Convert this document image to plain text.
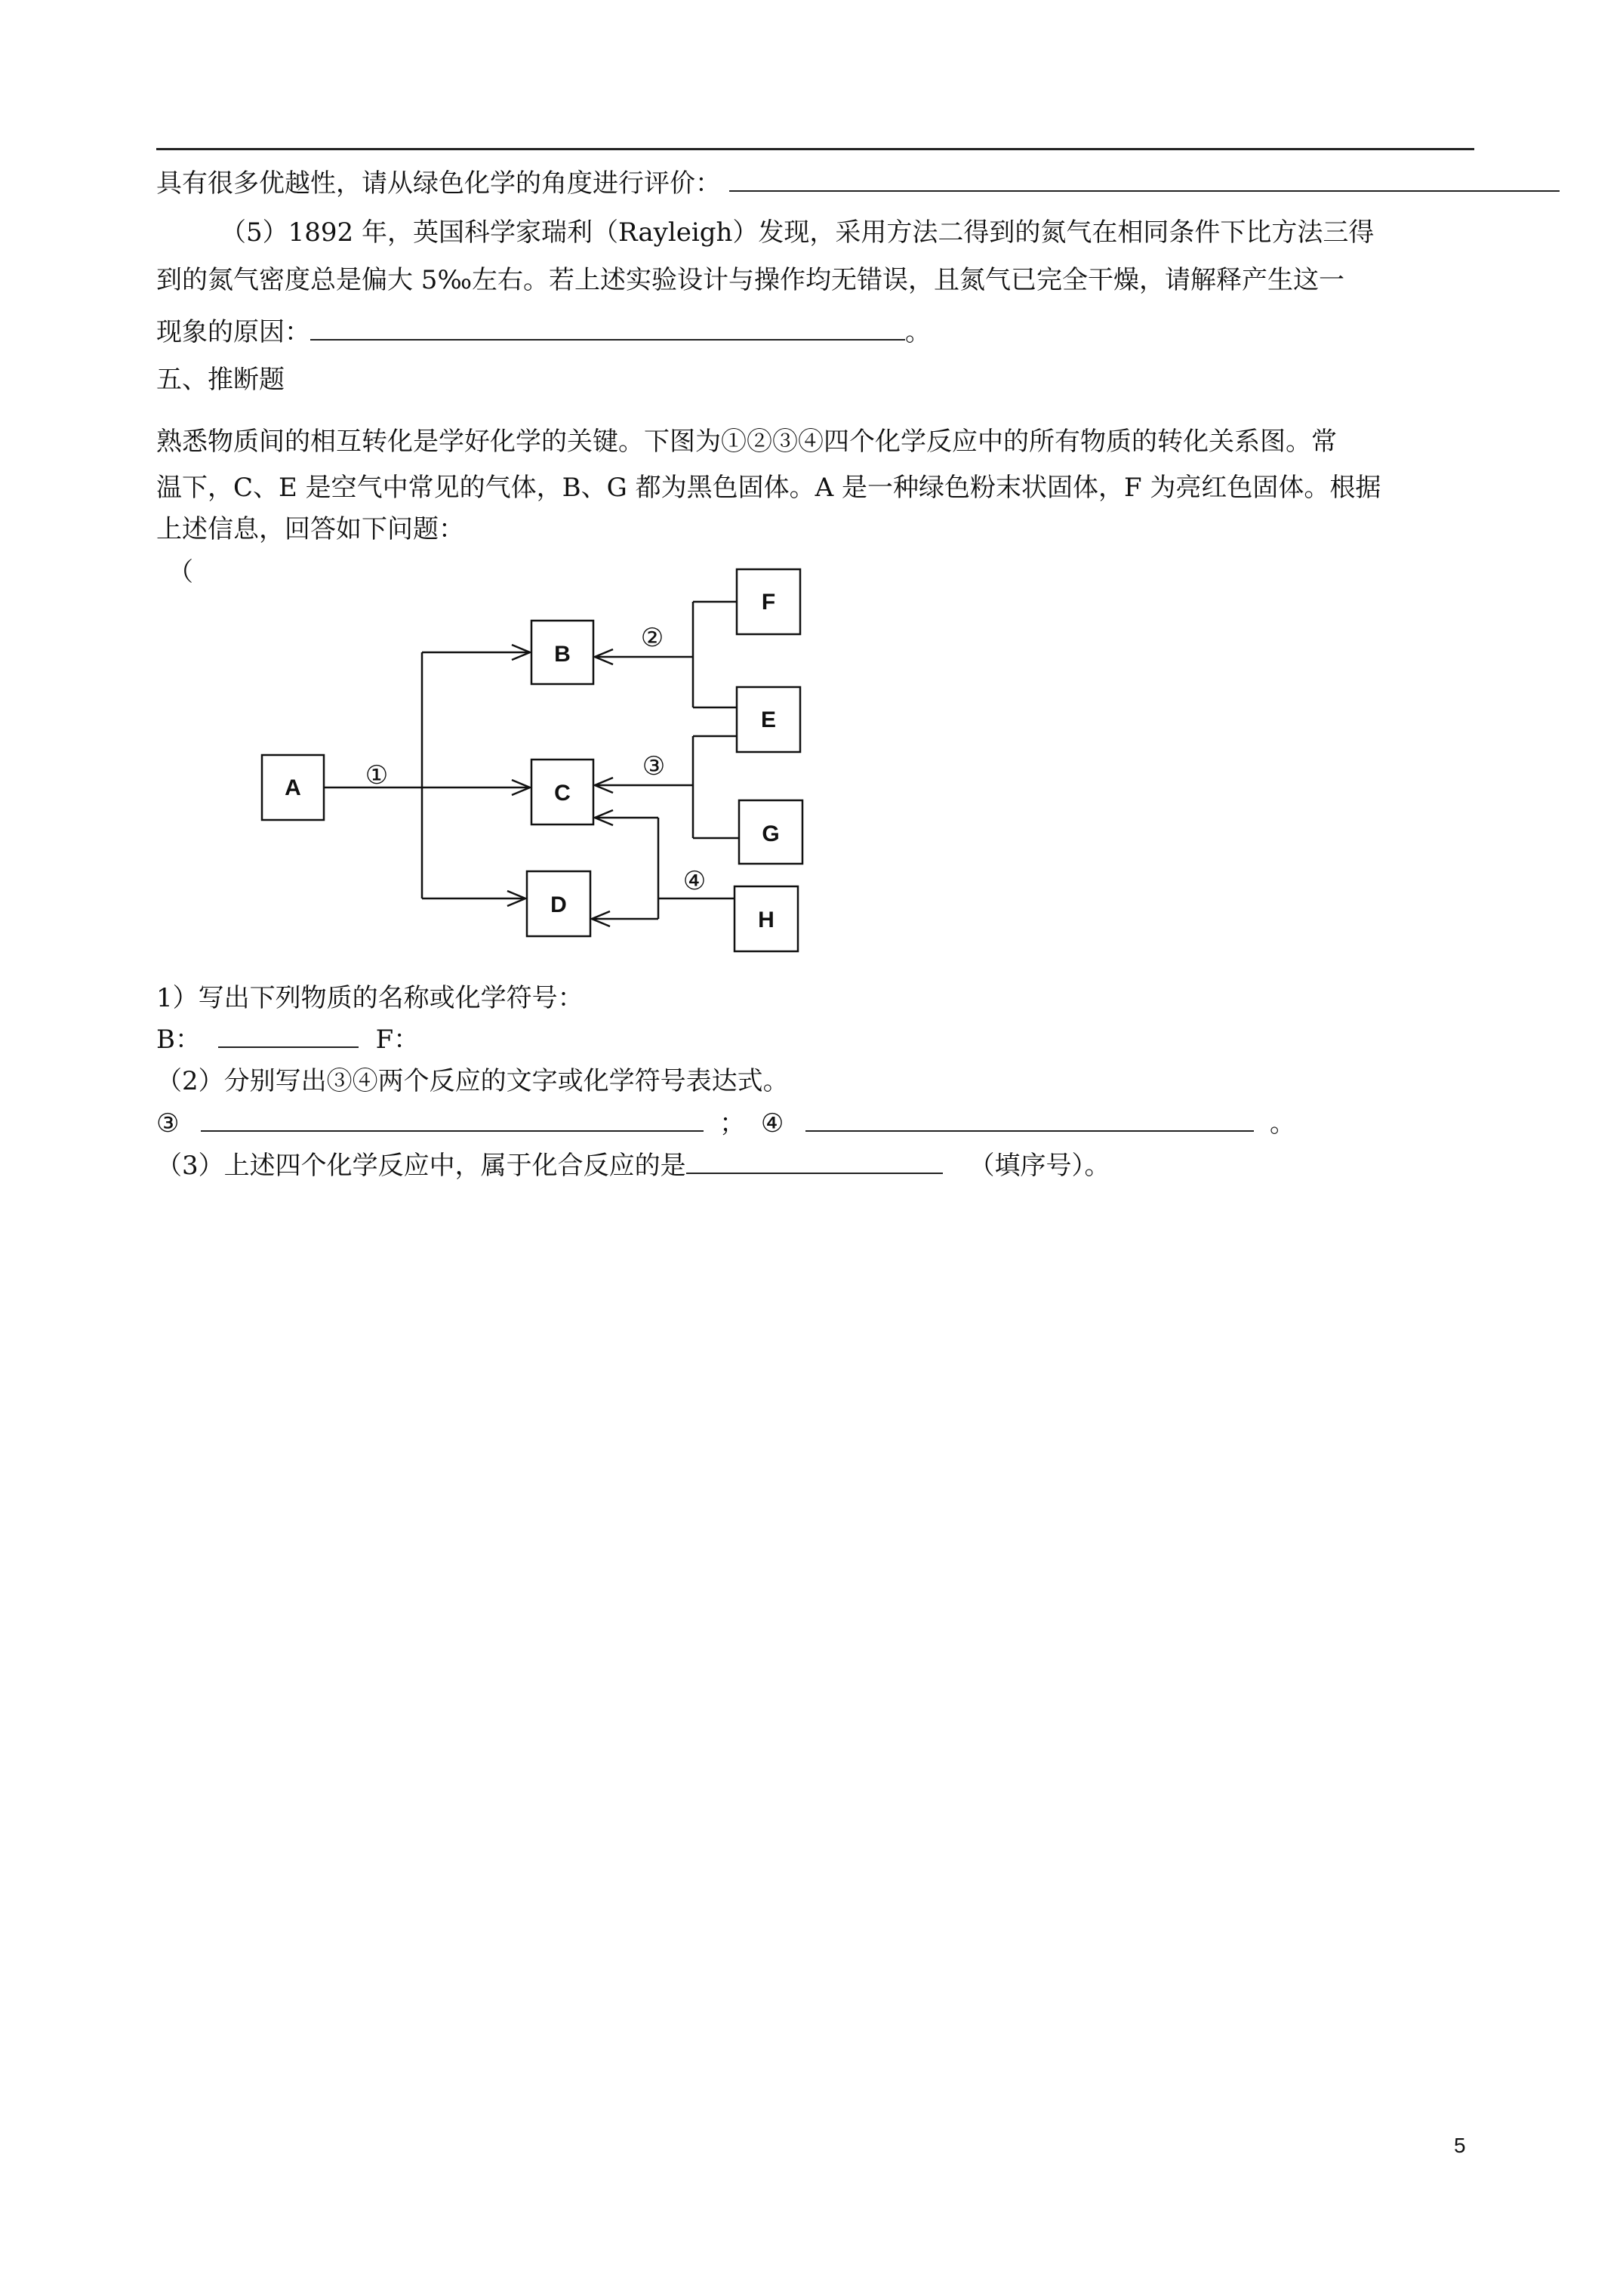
具有很多优越性，请从绿色化学的角度进行评价：
（5）1892 年，英国科学家瑞利（Rayleigh）发现，采用方法二得到的氮气在相同条件下比方法三得
到的氮气密度总是偏大 5‰左右。若上述实验设计与操作均无错误，且氮气已完全干燥，请解释产生这一
现象的原因：	。
五、推断题
熟悉物质间的相互转化是学好化学的关键。下图为①②③④四个化学反应中的所有物质的转化关系图。常
温下，C、E 是空气中常见的气体，B、G 都为黑色固体。A 是一种绿色粉末状固体，F 为亮红色固体。根据
上述信息，回答如下问题：
（
A
B
C
D
F
E
G
H
①
②
③
④
1）写出下列物质的名称或化学符号：
B：	F：
（2）分别写出③④两个反应的文字或化学符号表达式。
③	； ④	。
（3）上述四个化学反应中，属于化合反应的是	（填序号）。
5
